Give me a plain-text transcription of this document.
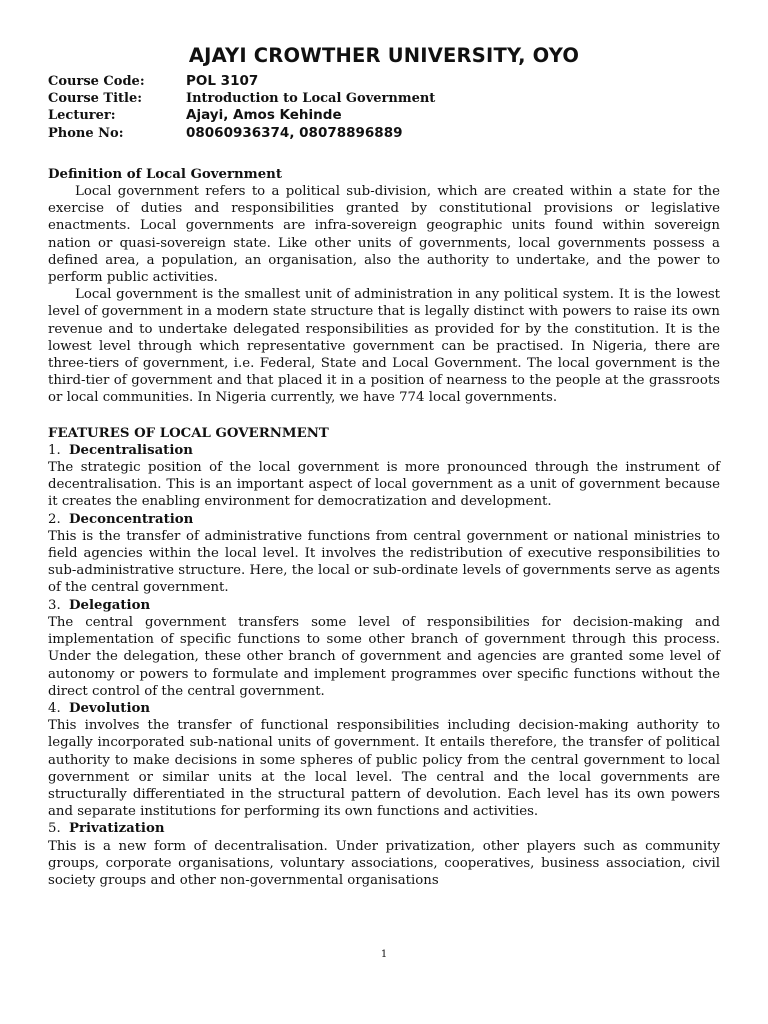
AJAYI CROWTHER UNIVERSITY, OYO
Course Code:	POL 3107
Course Title:	Introduction to Local Government
Lecturer:	Ajayi, Amos Kehinde
Phone No:	08060936374, 08078896889

Definition of Local Government

Local government refers to a political sub-division, which are created within a state for the exercise of duties and responsibilities granted by constitutional provisions or legislative enactments. Local governments are infra-sovereign geographic units found within sovereign nation or quasi-sovereign state. Like other units of governments, local governments possess a defined area, a population, an organisation, also the authority to undertake, and the power to perform public activities.

Local government is the smallest unit of administration in any political system. It is the lowest level of government in a modern state structure that is legally distinct with powers to raise its own revenue and to undertake delegated responsibilities as provided for by the constitution. It is the lowest level through which representative government can be practised. In Nigeria, there are three-tiers of government, i.e. Federal, State and Local Government. The local government is the third-tier of government and that placed it in a position of nearness to the people at the grassroots or local communities. In Nigeria currently, we have 774 local governments.

FEATURES OF LOCAL GOVERNMENT

1. Decentralisation

The strategic position of the local government is more pronounced through the instrument of decentralisation. This is an important aspect of local government as a unit of government because it creates the enabling environment for democratization and development.

2. Deconcentration

This is the transfer of administrative functions from central government or national ministries to field agencies within the local level. It involves the redistribution of executive responsibilities to sub-administrative structure. Here, the local or sub-ordinate levels of governments serve as agents of the central government.

3. Delegation

The central government transfers some level of responsibilities for decision-making and implementation of specific functions to some other branch of government through this process. Under the delegation, these other branch of government and agencies are granted some level of autonomy or powers to formulate and implement programmes over specific functions without the direct control of the central government.

4. Devolution

This involves the transfer of functional responsibilities including decision-making authority to legally incorporated sub-national units of government. It entails therefore, the transfer of political authority to make decisions in some spheres of public policy from the central government to local government or similar units at the local level. The central and the local governments are structurally differentiated in the structural pattern of devolution. Each level has its own powers and separate institutions for performing its own functions and activities.

5. Privatization

This is a new form of decentralisation. Under privatization, other players such as community groups, corporate organisations, voluntary associations, cooperatives, business association, civil society groups and other non-governmental organisations

1
